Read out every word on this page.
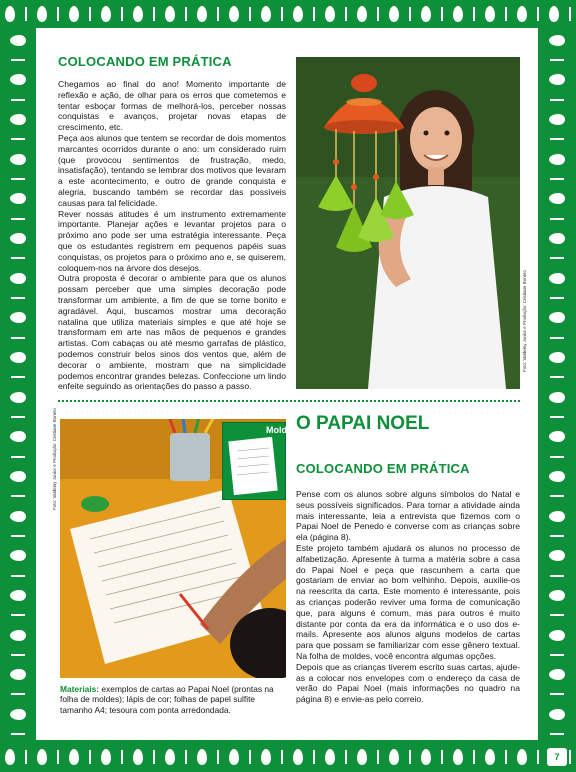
COLOCANDO EM PRÁTICA

Chegamos ao final do ano! Momento importante de reflexão e ação, de olhar para os erros que cometemos e tentar esboçar formas de melhorá-los, perceber nossas conquistas e avanços, projetar novas etapas de crescimento, etc.

Peça aos alunos que tentem se recordar de dois momentos marcantes ocorridos durante o ano: um considerado ruim (que provocou sentimentos de frustração, medo, insatisfação), tentando se lembrar dos motivos que levaram a este acontecimento, e outro de grande conquista e alegria, buscando também se recordar das possíveis causas para tal felicidade.

Rever nossas atitudes é um instrumento extremamente importante. Planejar ações e levantar projetos para o próximo ano pode ser uma estratégia interessante. Peça que os estudantes registrem em pequenos papéis suas conquistas, os projetos para o próximo ano e, se quiserem, coloquem-nos na árvore dos desejos.

Outra proposta é decorar o ambiente para que os alunos possam perceber que uma simples decoração pode transformar um ambiente, a fim de que se torne bonito e agradável. Aqui, buscamos mostrar uma decoração natalina que utiliza materiais simples e que até hoje se transformam em arte nas mãos de pequenos e grandes artistas. Com cabaças ou até mesmo garrafas de plástico, podemos construir belos sinos dos ventos que, além de decorar o ambiente, mostram que na simplicidade podemos encontrar grandes belezas. Confeccione um lindo enfeite seguindo as orientações do passo a passo.

Foto: Valdeiny Junior e Produção: Cristiane Boneto
Foto: Valdeiny Junior e Produção: Cristiane Boneto	Molde O PAPAI NOEL
COLOCANDO EM PRÁTICA

Pense com os alunos sobre alguns símbolos do Natal e seus possíveis significados. Para tornar a atividade ainda mais interessante, leia a entrevista que fizemos com o Papai Noel de Penedo e converse com as crianças sobre ela (página 8).

Este projeto também ajudará os alunos no processo de alfabetização. Apresente à turma a matéria sobre a casa do Papai Noel e peça que rascunhem a carta que gostariam de enviar ao bom velhinho. Depois, auxilie-os na reescrita da carta. Este momento é interessante, pois as crianças poderão reviver uma forma de comunicação que, para alguns é comum, mas para outros é muito distante por conta da era da informática e o uso dos e-mails. Apresente aos alunos alguns modelos de cartas para que possam se familiarizar com esse gênero textual. Na folha de moldes, você encontra algumas opções.

Depois que as crianças tiverem escrito suas cartas, ajude-as a colocar nos envelopes com o endereço da casa de verão do Papai Noel (mais informações no quadro na página 8) e envie-as pelo correio.

Materiais: exemplos de cartas ao Papai Noel (prontas na folha de moldes); lápis de cor; folhas de papel sulfite tamanho A4; tesoura com ponta arredondada.
7
